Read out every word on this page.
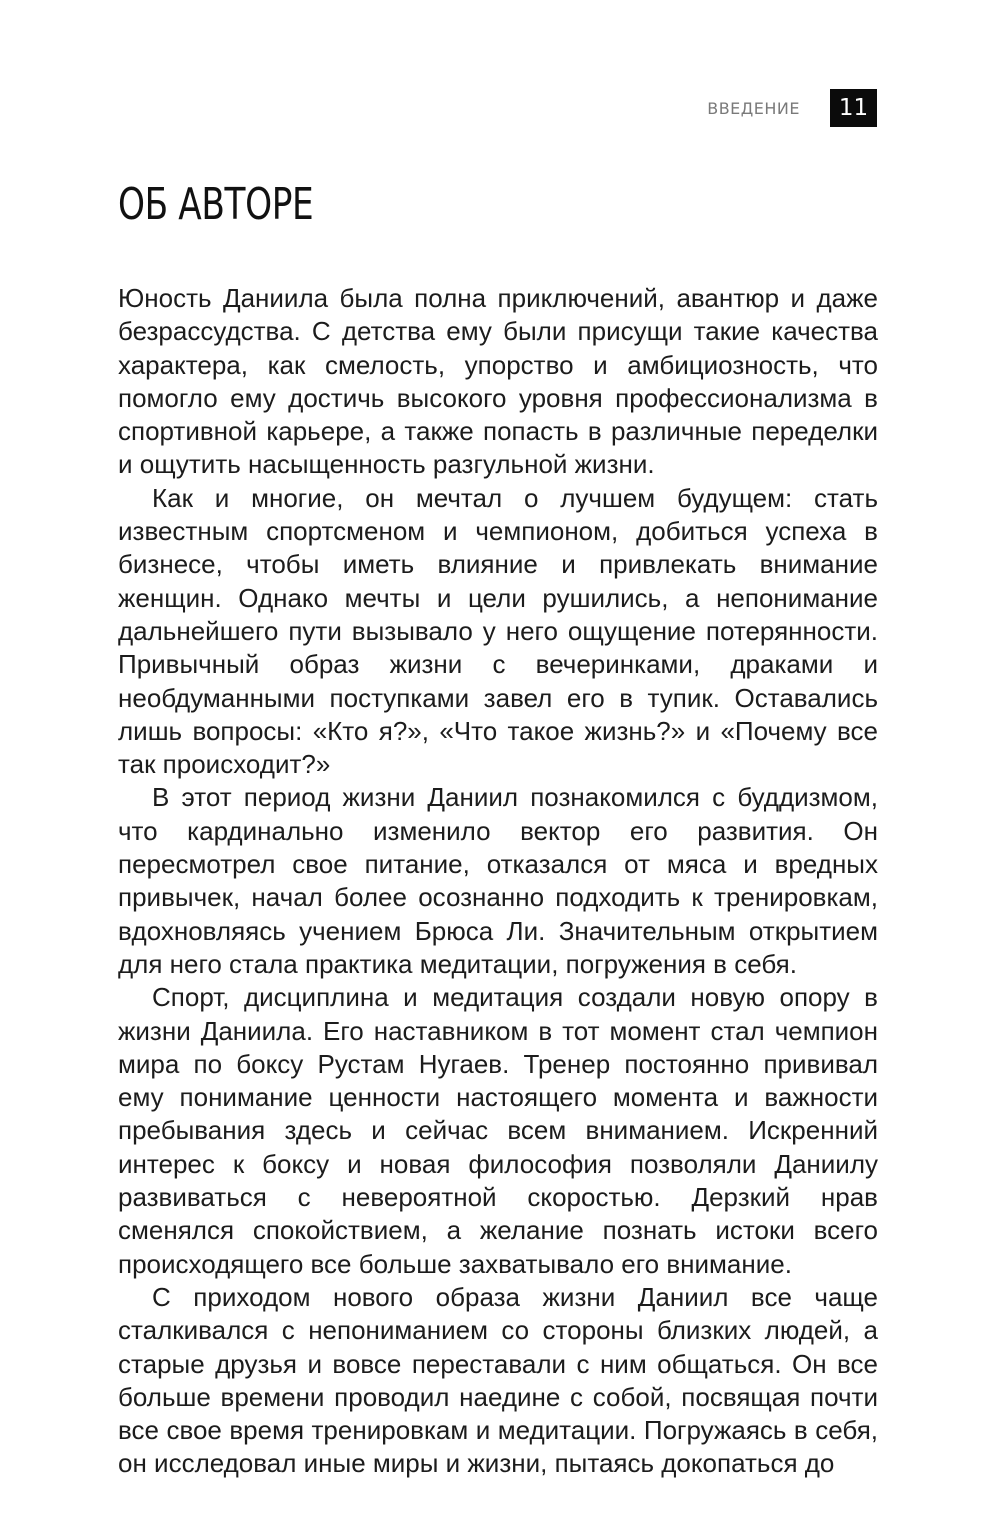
ВВЕДЕНИЕ	11
ОБ АВТОРЕ

Юность Даниила была полна приключений, авантюр и даже безрассудства. С детства ему были присущи такие качества характера, как смелость, упорство и амбициозность, что помогло ему достичь высокого уровня профессионализма в спортивной карьере, а также попасть в различные переделки и ощутить насыщенность разгульной жизни.

Как и многие, он мечтал о лучшем будущем: стать известным спортсменом и чемпионом, добиться успеха в бизнесе, чтобы иметь влияние и привлекать внимание женщин. Однако мечты и цели рушились, а непонимание дальнейшего пути вызывало у него ощущение потерянности. Привычный образ жизни с вечеринками, драками и необдуманными поступками завел его в тупик. Оставались лишь вопросы: «Кто я?», «Что такое жизнь?» и «Почему все так происходит?»

В этот период жизни Даниил познакомился с буддизмом, что кардинально изменило вектор его развития. Он пересмотрел свое питание, отказался от мяса и вредных привычек, начал более осознанно подходить к тренировкам, вдохновляясь учением Брюса Ли. Значительным открытием для него стала практика медитации, погружения в себя.

Спорт, дисциплина и медитация создали новую опору в жизни Даниила. Его наставником в тот момент стал чемпион мира по боксу Рустам Нугаев. Тренер постоянно прививал ему понимание ценности настоящего момента и важности пребывания здесь и сейчас всем вниманием. Искренний интерес к боксу и новая философия позволяли Даниилу развиваться с невероятной скоростью. Дерзкий нрав сменялся спокойствием, а желание познать истоки всего происходящего все больше захватывало его внимание.

С приходом нового образа жизни Даниил все чаще сталкивался с непониманием со стороны близких людей, а старые друзья и вовсе переставали с ним общаться. Он все больше времени проводил наедине с собой, посвящая почти все свое время тренировкам и медитации. Погружаясь в себя, он исследовал иные миры и жизни, пытаясь докопаться до
